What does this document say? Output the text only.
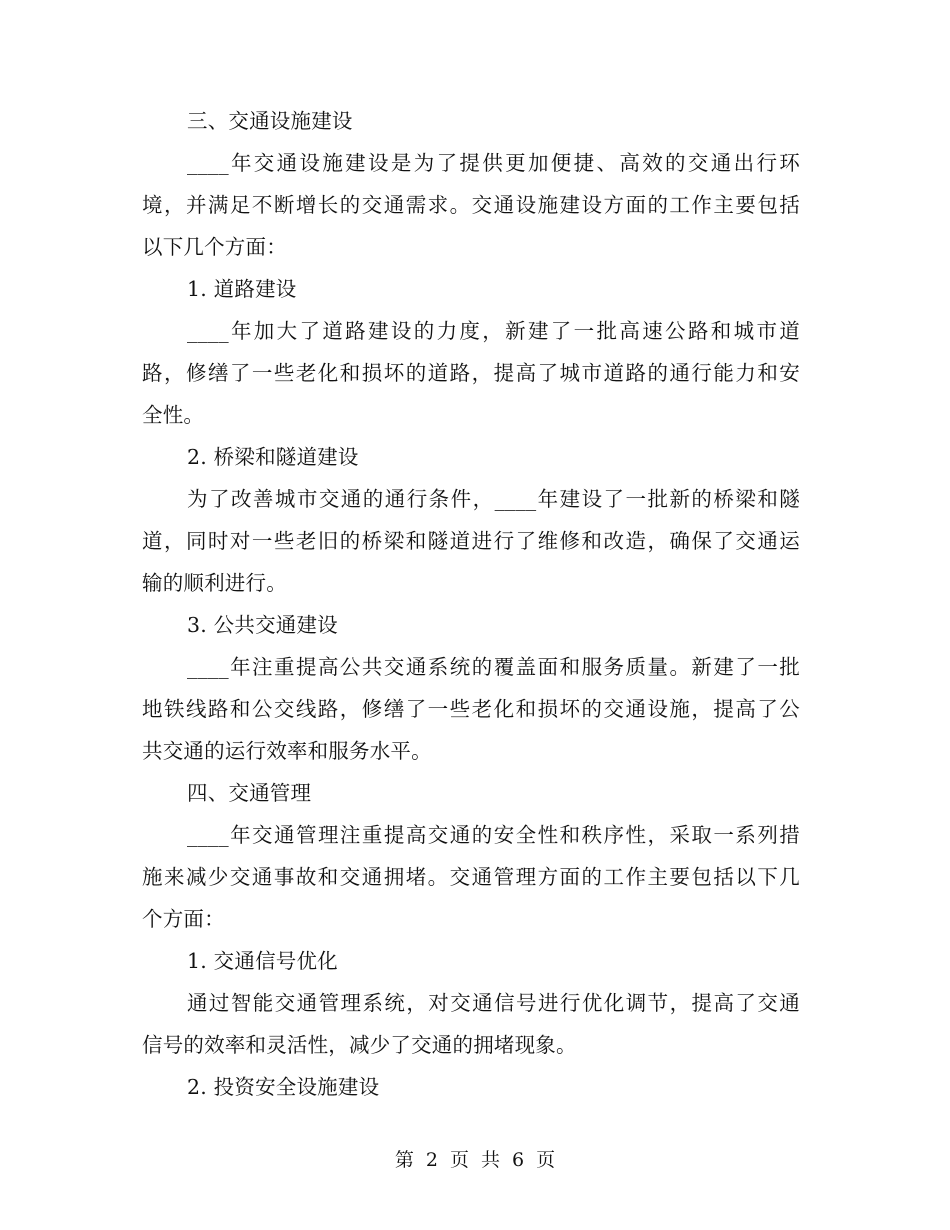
三、交通设施建设
____年交通设施建设是为了提供更加便捷、高效的交通出行环
境，并满足不断增长的交通需求。交通设施建设方面的工作主要包括
以下几个方面：
1. 道路建设
____年加大了道路建设的力度，新建了一批高速公路和城市道
路，修缮了一些老化和损坏的道路，提高了城市道路的通行能力和安
全性。
2. 桥梁和隧道建设
为了改善城市交通的通行条件，____年建设了一批新的桥梁和隧
道，同时对一些老旧的桥梁和隧道进行了维修和改造，确保了交通运
输的顺利进行。
3. 公共交通建设
____年注重提高公共交通系统的覆盖面和服务质量。新建了一批
地铁线路和公交线路，修缮了一些老化和损坏的交通设施，提高了公
共交通的运行效率和服务水平。
四、交通管理
____年交通管理注重提高交通的安全性和秩序性，采取一系列措
施来减少交通事故和交通拥堵。交通管理方面的工作主要包括以下几
个方面：
1. 交通信号优化
通过智能交通管理系统，对交通信号进行优化调节，提高了交通
信号的效率和灵活性，减少了交通的拥堵现象。
2. 投资安全设施建设
第 2 页 共 6 页
